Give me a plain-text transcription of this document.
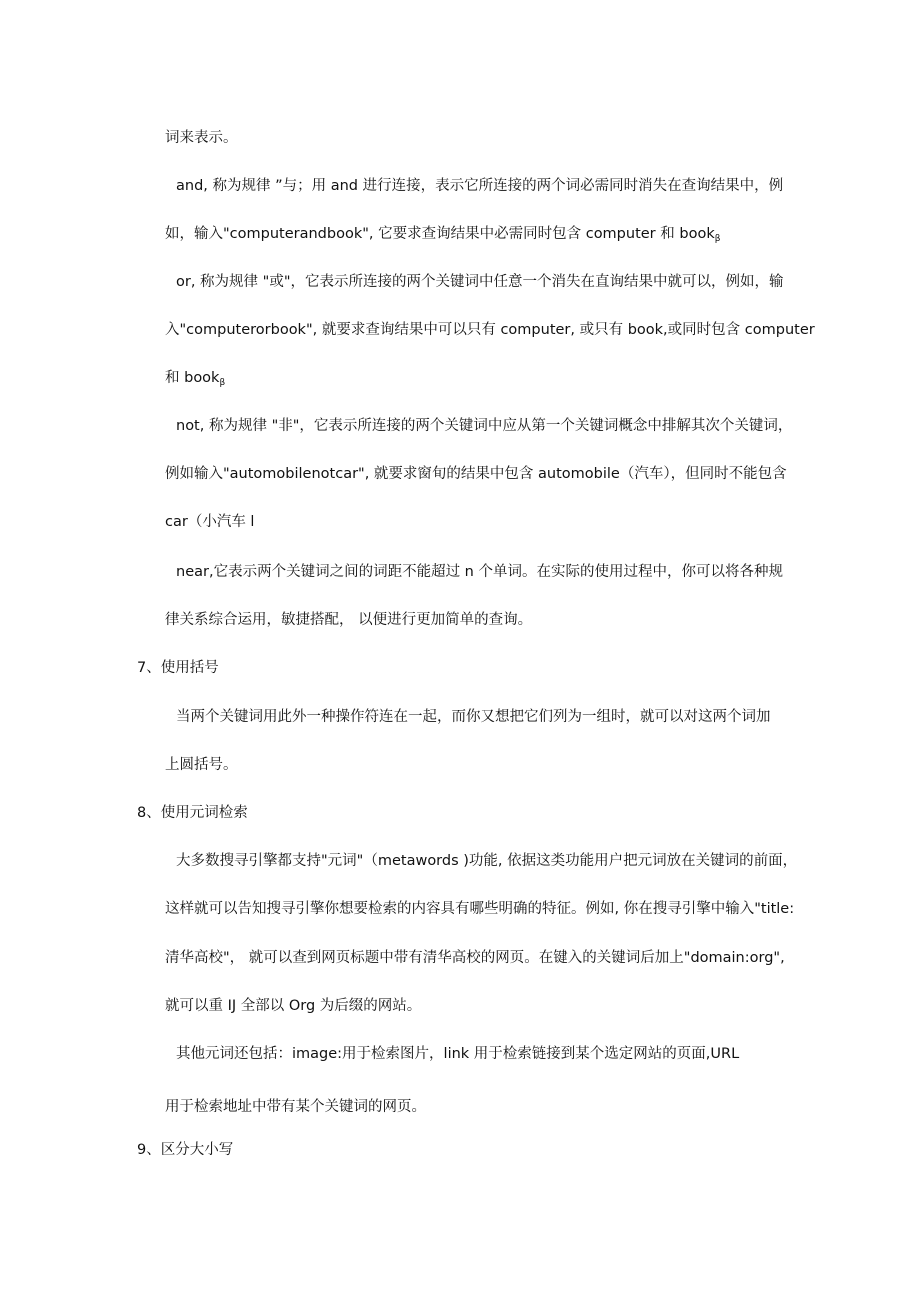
词来表示。
and, 称为规律 ”与；用 and 进行连接，表示它所连接的两个词必需同时消失在查询结果中，例
如，输入"computerandbook", 它要求查询结果中必需同时包含 computer 和 book$_\beta$
or, 称为规律 "或"，它表示所连接的两个关键词中任意一个消失在直询结果中就可以，例如，输
入"computerorbook", 就要求查询结果中可以只有 computer, 或只有 book,或同时包含 computer
和 book$_\beta$
not, 称为规律 "非"，它表示所连接的两个关键词中应从第一个关键词概念中排解其次个关键词，
例如输入"automobilenotcar", 就要求窗旬的结果中包含 automobile（汽车），但同时不能包含
car（小汽车 l
near,它表示两个关键词之间的词距不能超过 n 个单词。在实际的使用过程中，你可以将各种规
律关系综合运用，敏捷搭配， 以便进行更加简单的查询。
7、使用括号
当两个关键词用此外一种操作符连在一起，而你又想把它们列为一组时，就可以对这两个词加
上圆括号。
8、使用元词检索
大多数搜寻引擎都支持"元词"（metawords )功能, 依据这类功能用户把元词放在关键词的前面，
这样就可以告知搜寻引擎你想要检索的内容具有哪些明确的特征。例如, 你在搜寻引擎中输入"title:
清华高校"， 就可以查到网页标题中带有清华高校的网页。在键入的关键词后加上"domain:org",
就可以重 IJ 全部以 Org 为后缀的网站。
其他元词还包括：image:用于检索图片，link 用于检索链接到某个选定网站的页面,URL
用于检索地址中带有某个关键词的网页。
9、区分大小写
